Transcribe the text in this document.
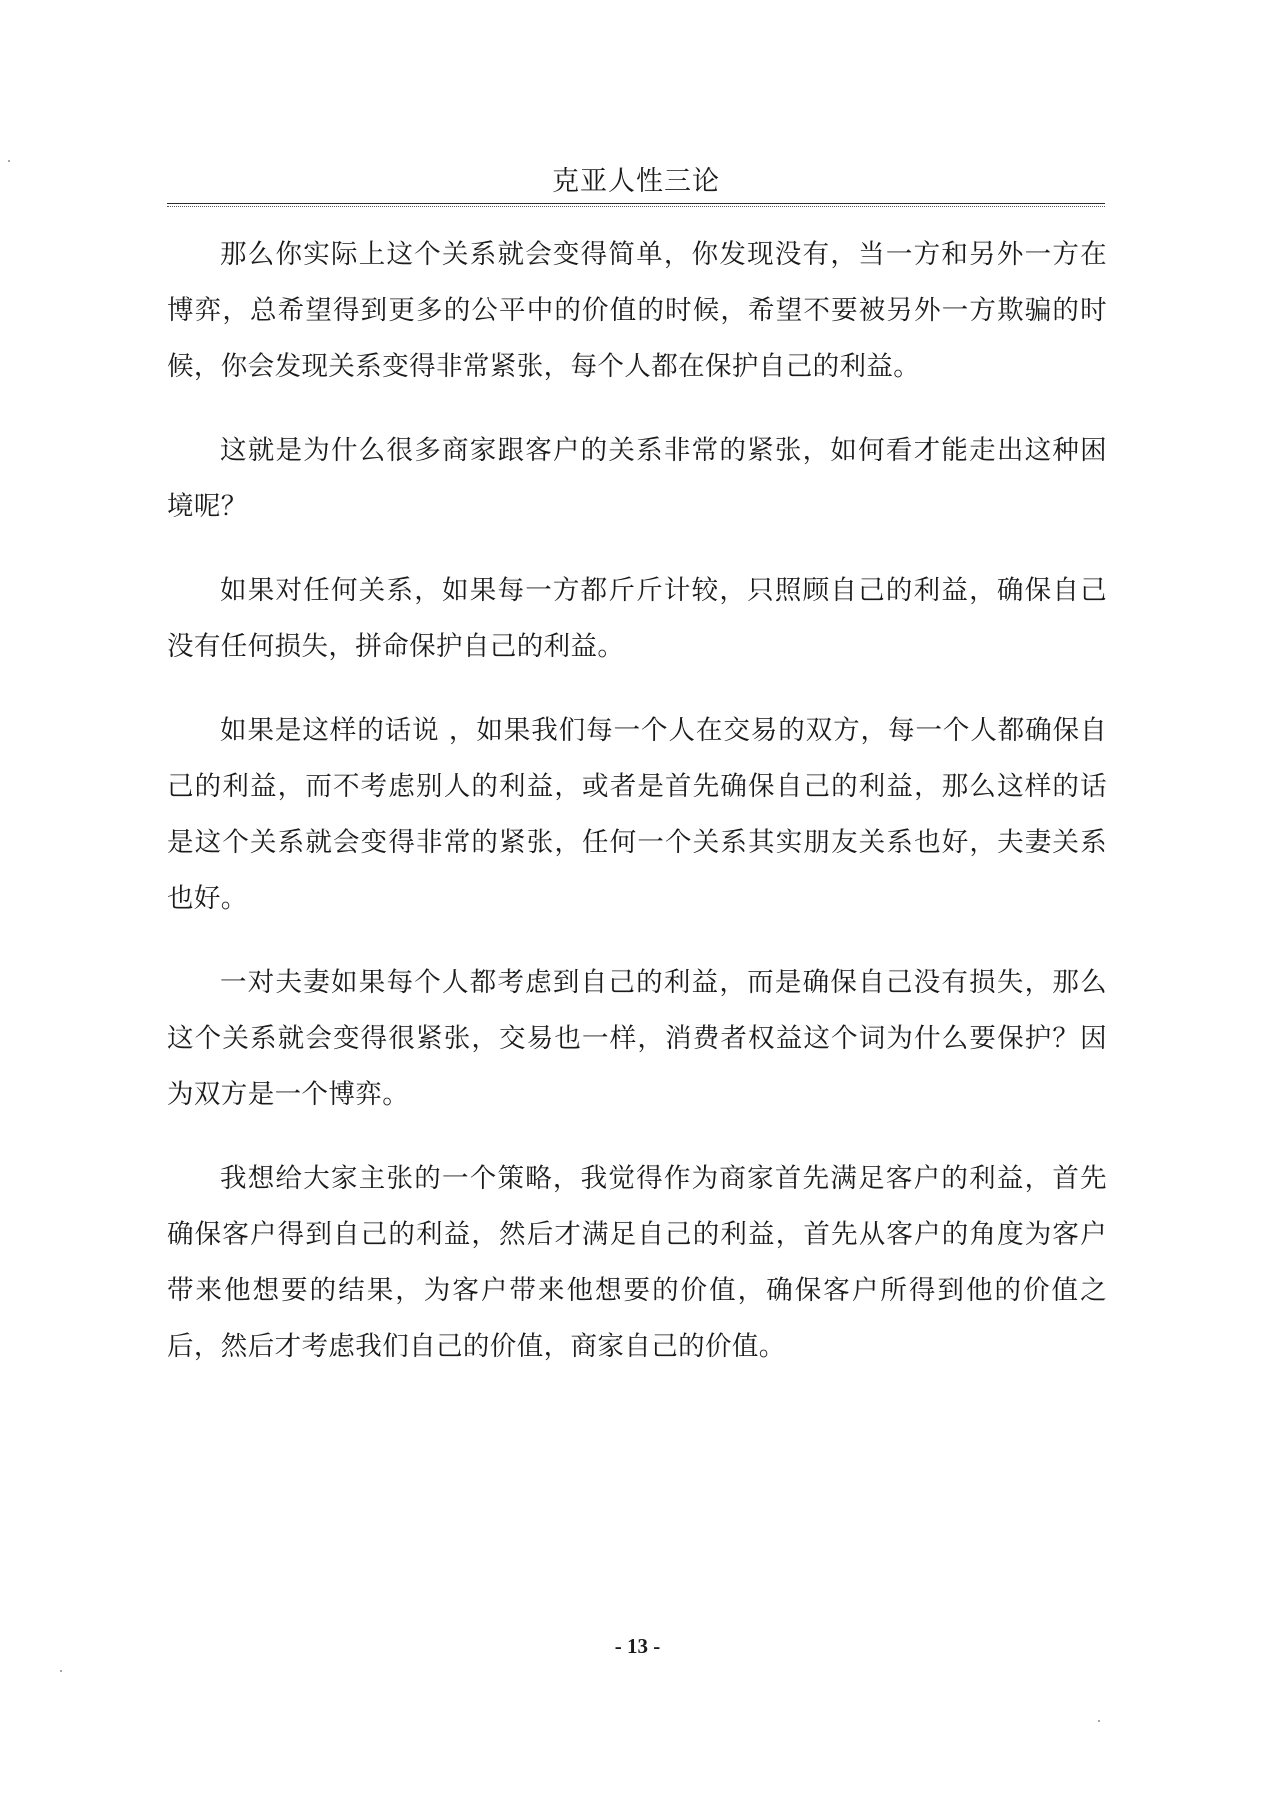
克亚人性三论

那么你实际上这个关系就会变得简单，你发现没有，当一方和另外一方在博弈，总希望得到更多的公平中的价值的时候，希望不要被另外一方欺骗的时候，你会发现关系变得非常紧张，每个人都在保护自己的利益。

这就是为什么很多商家跟客户的关系非常的紧张，如何看才能走出这种困境呢？

如果对任何关系，如果每一方都斤斤计较，只照顾自己的利益，确保自己没有任何损失，拼命保护自己的利益。

如果是这样的话说 ，如果我们每一个人在交易的双方，每一个人都确保自己的利益，而不考虑别人的利益，或者是首先确保自己的利益，那么这样的话是这个关系就会变得非常的紧张，任何一个关系其实朋友关系也好，夫妻关系也好。

一对夫妻如果每个人都考虑到自己的利益，而是确保自己没有损失，那么这个关系就会变得很紧张，交易也一样，消费者权益这个词为什么要保护？因为双方是一个博弈。

我想给大家主张的一个策略，我觉得作为商家首先满足客户的利益，首先确保客户得到自己的利益，然后才满足自己的利益，首先从客户的角度为客户带来他想要的结果，为客户带来他想要的价值，确保客户所得到他的价值之后，然后才考虑我们自己的价值，商家自己的价值。

- 13 -
